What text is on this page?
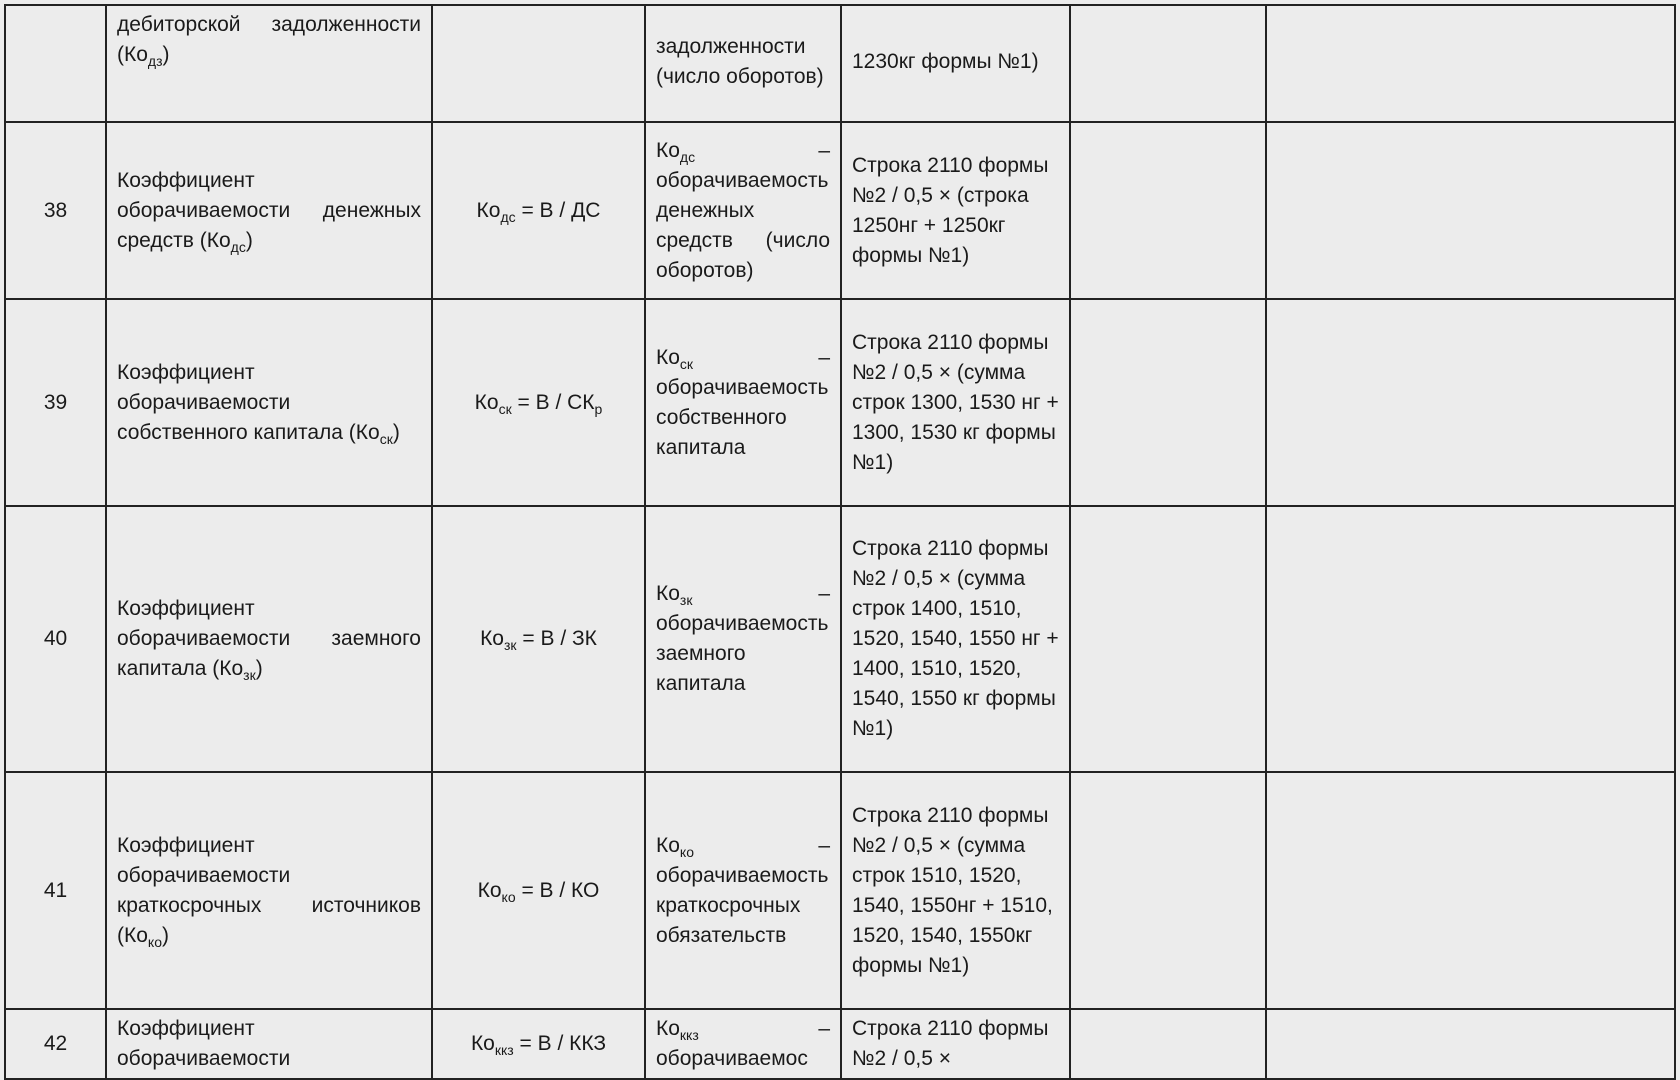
	дебиторской задолженности $(Ко_{дз})$		задолженности (число оборотов)	1230кг формы №1)		
38	Коэффициент оборачиваемости денежных средств $(Ко_{дс})$	$Ко_{дс} = В$ / ДС	$Ко_{дс}$ – оборачиваемость денежных средств (число оборотов)	Строка 2110 формы №2 / 0,5 × (строка 1250нг + 1250кг формы №1)		
39	Коэффициент оборачиваемости собственного капитала $(Ко_{ск})$	$Ко_{ск} = В / СК_р$	$Ко_{ск}$ – оборачиваемость собственного капитала	Строка 2110 формы №2 / 0,5 × (сумма строк 1300, 1530 нг + 1300, 1530 кг формы №1)		
40	Коэффициент оборачиваемости заемного капитала $(Ко_{зк})$	$Ко_{зк} = В$ / ЗК	$Ко_{зк}$ – оборачиваемость заемного капитала	Строка 2110 формы №2 / 0,5 × (сумма строк 1400, 1510, 1520, 1540, 1550 нг + 1400, 1510, 1520, 1540, 1550 кг формы №1)		
41	Коэффициент оборачиваемости краткосрочных источников $(Ко_{ко})$	$Ко_{ко} = В$ / КО	$Ко_{ко}$ – оборачиваемость краткосрочных обязательств	Строка 2110 формы №2 / 0,5 × (сумма строк 1510, 1520, 1540, 1550нг + 1510, 1520, 1540, 1550кг формы №1)		
42	Коэффициент оборачиваемости	$Ко_{ккз} = В$ / ККЗ	$Ко_{ккз}$ – оборачиваемос	Строка 2110 формы №2 / 0,5 ×		
